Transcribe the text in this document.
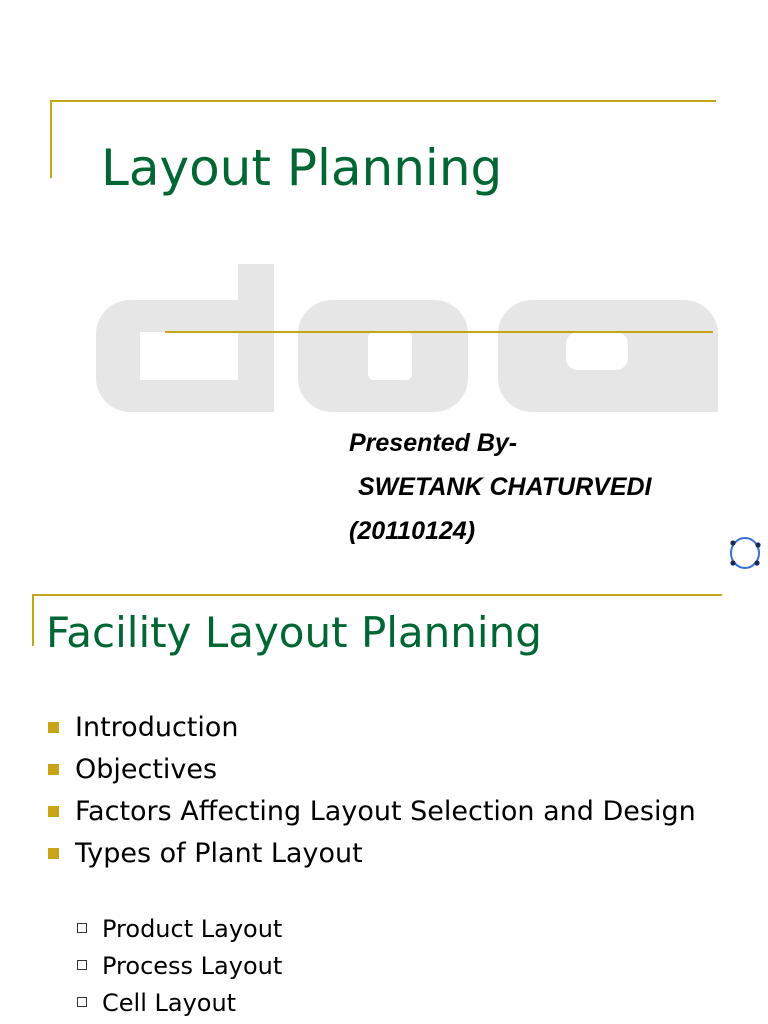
Layout Planning
Presented By-
SWETANK CHATURVEDI
(20110124)
Facility Layout Planning
Introduction
Objectives
Factors Affecting Layout Selection and Design
Types of Plant Layout
Product Layout
Process Layout
Cell Layout
